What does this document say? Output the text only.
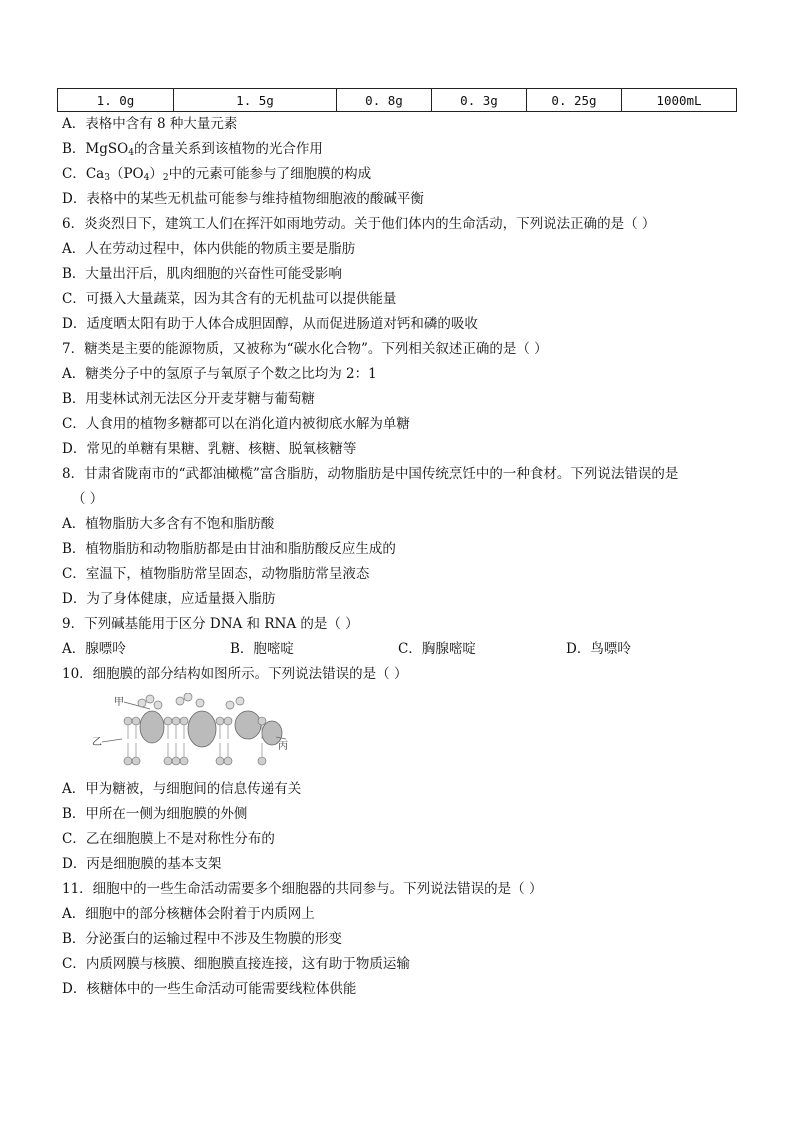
1. 0g	1. 5g	0. 8g	0. 3g	0. 25g	1000mL
A．表格中含有 8 种大量元素
B．MgSO$_4$的含量关系到该植物的光合作用
C．$Ca_3(PO_4)_2$中的元素可能参与了细胞膜的构成
D．表格中的某些无机盐可能参与维持植物细胞液的酸碱平衡
6．炎炎烈日下，建筑工人们在挥汗如雨地劳动。关于他们体内的生命活动，下列说法正确的是（ ）
A．人在劳动过程中，体内供能的物质主要是脂肪
B．大量出汗后，肌肉细胞的兴奋性可能受影响
C．可摄入大量蔬菜，因为其含有的无机盐可以提供能量
D．适度晒太阳有助于人体合成胆固醇，从而促进肠道对钙和磷的吸收
7．糖类是主要的能源物质，又被称为“碳水化合物”。下列相关叙述正确的是（ ）
A．糖类分子中的氢原子与氧原子个数之比均为 2：1
B．用斐林试剂无法区分开麦芽糖与葡萄糖
C．人食用的植物多糖都可以在消化道内被彻底水解为单糖
D．常见的单糖有果糖、乳糖、核糖、脱氧核糖等
8．甘肃省陇南市的“武都油橄榄”富含脂肪，动物脂肪是中国传统烹饪中的一种食材。下列说法错误的是
（ ）
A．植物脂肪大多含有不饱和脂肪酸
B．植物脂肪和动物脂肪都是由甘油和脂肪酸反应生成的
C．室温下，植物脂肪常呈固态，动物脂肪常呈液态
D．为了身体健康，应适量摄入脂肪
9．下列碱基能用于区分 DNA 和 RNA 的是（ ）
A．腺嘌呤	B．胞嘧啶	C．胸腺嘧啶	D．鸟嘌呤
10．细胞膜的部分结构如图所示。下列说法错误的是（ ）
甲
乙	丙
A．甲为糖被，与细胞间的信息传递有关
B．甲所在一侧为细胞膜的外侧
C．乙在细胞膜上不是对称性分布的
D．丙是细胞膜的基本支架
11．细胞中的一些生命活动需要多个细胞器的共同参与。下列说法错误的是（ ）
A．细胞中的部分核糖体会附着于内质网上
B．分泌蛋白的运输过程中不涉及生物膜的形变
C．内质网膜与核膜、细胞膜直接连接，这有助于物质运输
D．核糖体中的一些生命活动可能需要线粒体供能
